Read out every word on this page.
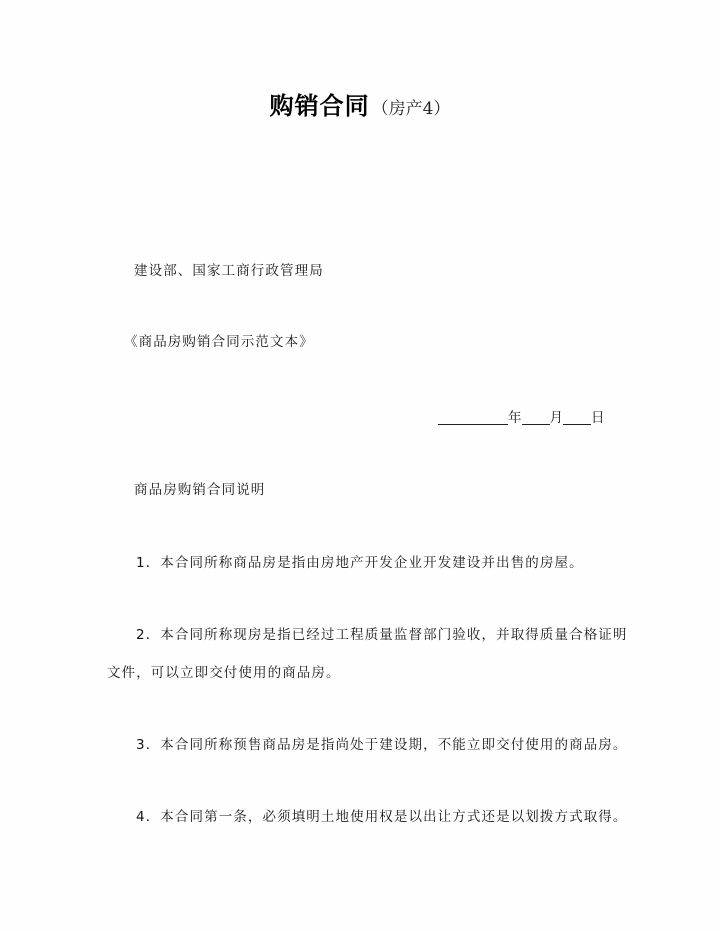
购销合同 （房产4）
建设部、国家工商行政管理局
《商品房购销合同示范文本》
年 月 日
商品房购销合同说明
1．本合同所称商品房是指由房地产开发企业开发建设并出售的房屋。
2．本合同所称现房是指已经过工程质量监督部门验收，并取得质量合格证明
文件，可以立即交付使用的商品房。
3．本合同所称预售商品房是指尚处于建设期，不能立即交付使用的商品房。
4．本合同第一条，必须填明土地使用权是以出让方式还是以划拨方式取得。
